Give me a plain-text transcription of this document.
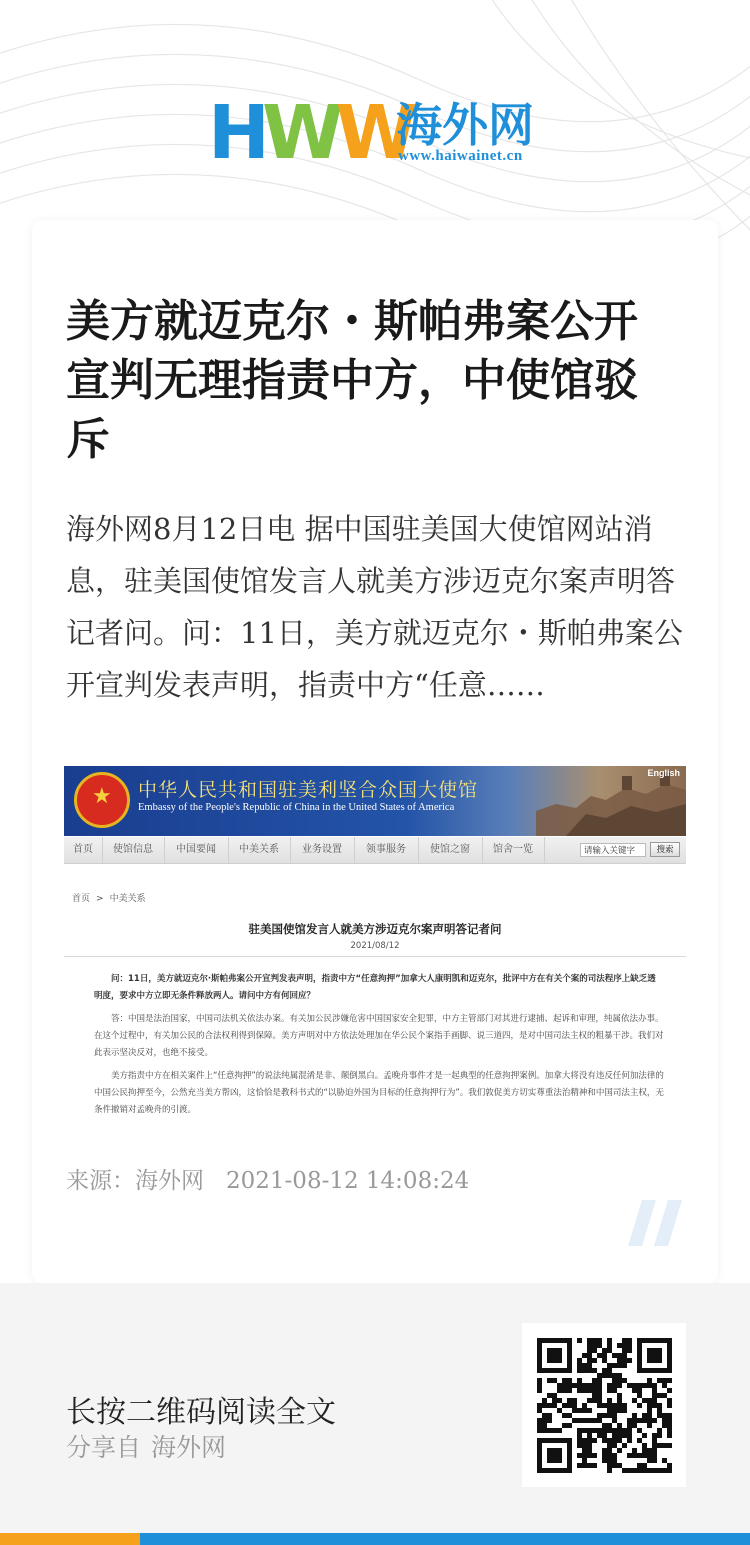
HWW
海外网
www.haiwainet.cn
美方就迈克尔・斯帕弗案公开宣判无理指责中方，中使馆驳斥

海外网8月12日电 据中国驻美国大使馆网站消息，驻美国使馆发言人就美方涉迈克尔案声明答记者问。问：11日，美方就迈克尔・斯帕弗案公开宣判发表声明，指责中方“任意……

★ 中华人民共和国驻美利坚合众国大使馆
Embassy of the People's Republic of China in the United States of America
English
首页	使馆信息	中国要闻	中美关系	业务设置	领事服务	使馆之窗	馆舍一览	请输入关键字	搜索
首页 > 中美关系
驻美国使馆发言人就美方涉迈克尔案声明答记者问
2021/08/12

问：11日，美方就迈克尔·斯帕弗案公开宣判发表声明，指责中方“任意拘押”加拿大人康明凯和迈克尔，批评中方在有关个案的司法程序上缺乏透明度，要求中方立即无条件释放两人。请问中方有何回应？

答：中国是法治国家，中国司法机关依法办案。有关加公民涉嫌危害中国国家安全犯罪，中方主管部门对其进行逮捕、起诉和审理，纯属依法办事。在这个过程中，有关加公民的合法权利得到保障。美方声明对中方依法处理加在华公民个案指手画脚、说三道四，是对中国司法主权的粗暴干涉。我们对此表示坚决反对，也绝不接受。

美方指责中方在相关案件上“任意拘押”的说法纯属混淆是非、颠倒黑白。孟晚舟事件才是一起典型的任意拘押案例。加拿大将没有违反任何加法律的中国公民拘押至今，公然充当美方帮凶，这恰恰是教科书式的“以胁迫外国为目标的任意拘押行为”。我们敦促美方切实尊重法治精神和中国司法主权，无条件撤销对孟晚舟的引渡。

来源：海外网 2021-08-12 14:08:24

长按二维码阅读全文

分享自 海外网
